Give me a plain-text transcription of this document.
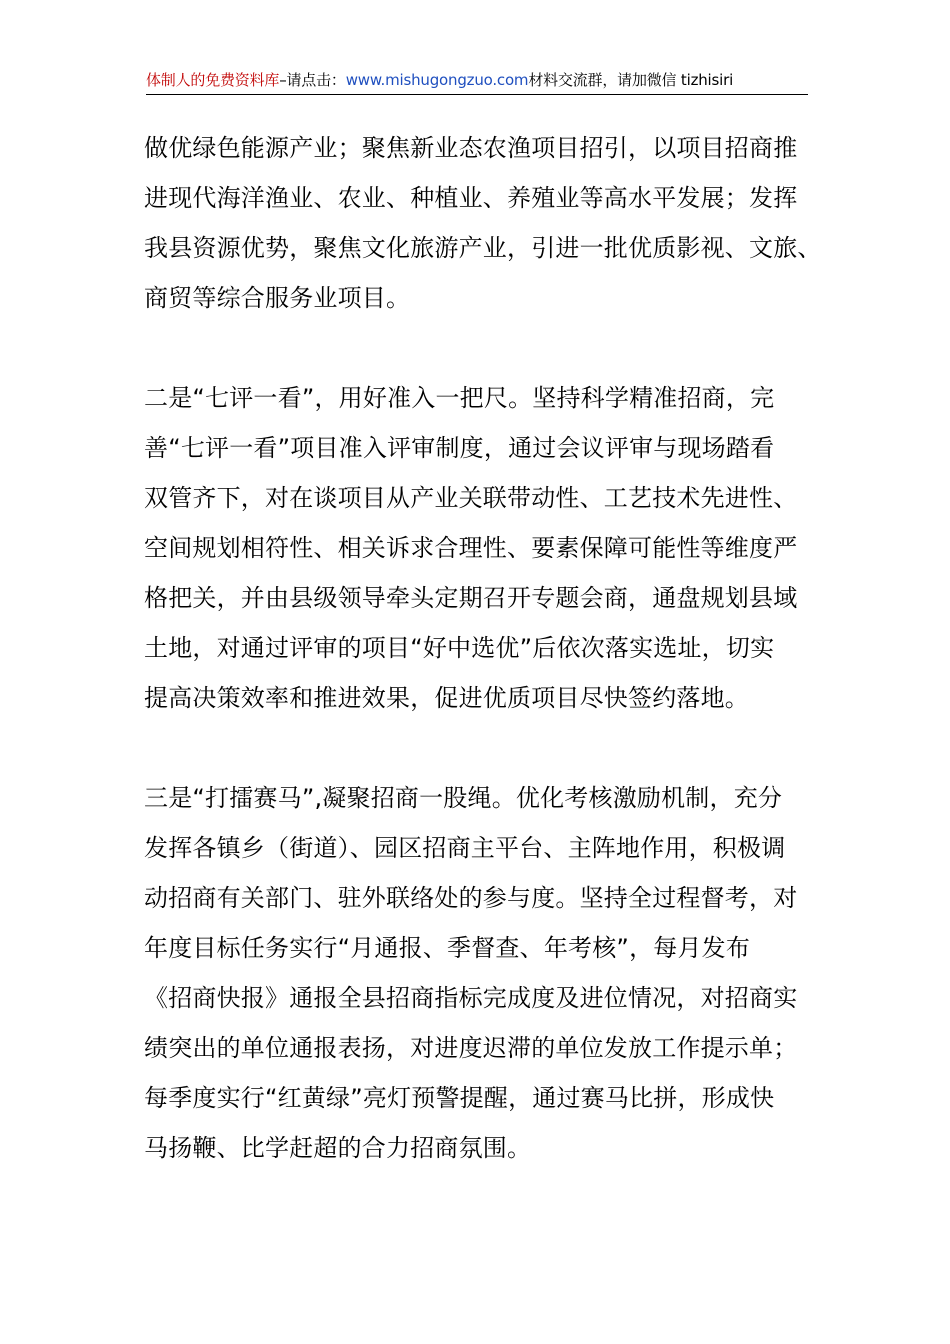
体制人的免费资料库–请点击：www.mishugongzuo.com材料交流群，请加微信 tizhisiri
做优绿色能源产业；聚焦新业态农渔项目招引，以项目招商推
进现代海洋渔业、农业、种植业、养殖业等高水平发展；发挥
我县资源优势，聚焦文化旅游产业，引进一批优质影视、文旅、
商贸等综合服务业项目。
二是“七评一看”，用好准入一把尺。坚持科学精准招商，完
善“七评一看”项目准入评审制度，通过会议评审与现场踏看
双管齐下，对在谈项目从产业关联带动性、工艺技术先进性、
空间规划相符性、相关诉求合理性、要素保障可能性等维度严
格把关，并由县级领导牵头定期召开专题会商，通盘规划县域
土地，对通过评审的项目“好中选优”后依次落实选址，切实
提高决策效率和推进效果，促进优质项目尽快签约落地。
三是“打擂赛马”,凝聚招商一股绳。优化考核激励机制，充分
发挥各镇乡（街道）、园区招商主平台、主阵地作用，积极调
动招商有关部门、驻外联络处的参与度。坚持全过程督考，对
年度目标任务实行“月通报、季督查、年考核”，每月发布
《招商快报》通报全县招商指标完成度及进位情况，对招商实
绩突出的单位通报表扬，对进度迟滞的单位发放工作提示单；
每季度实行“红黄绿”亮灯预警提醒，通过赛马比拼，形成快
马扬鞭、比学赶超的合力招商氛围。
